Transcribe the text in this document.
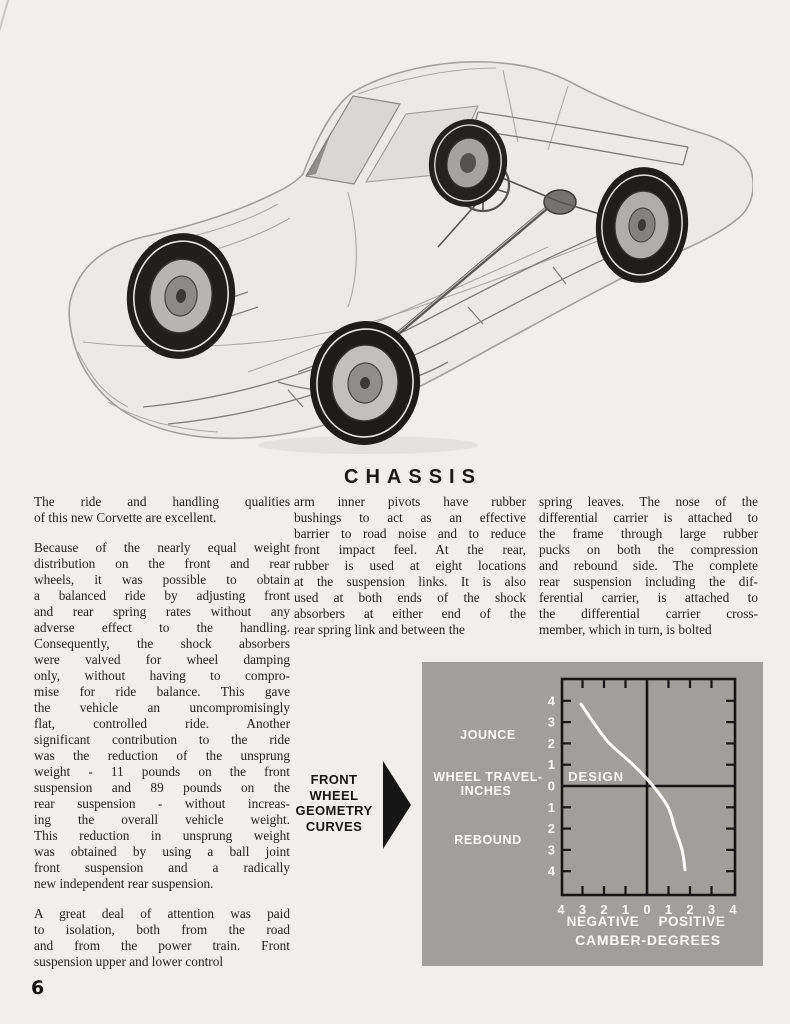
CHASSIS
The ride and handling qualities
of this new Corvette are excellent.
Because of the nearly equal weight
distribution on the front and rear
wheels, it was possible to obtain
a balanced ride by adjusting front
and rear spring rates without any
adverse effect to the handling.
Consequently, the shock absorbers
were valved for wheel damping
only, without having to compro-
mise for ride balance. This gave
the vehicle an uncompromisingly
flat, controlled ride. Another
significant contribution to the ride
was the reduction of the unsprung
weight - 11 pounds on the front
suspension and 89 pounds on the
rear suspension - without increas-
ing the overall vehicle weight.
This reduction in unsprung weight
was obtained by using a ball joint
front suspension and a radically
new independent rear suspension.
A great deal of attention was paid
to isolation, both from the road
and from the power train. Front
suspension upper and lower control
arm inner pivots have rubber
bushings to act as an effective
barrier to road noise and to reduce
front impact feel. At the rear,
rubber is used at eight locations
at the suspension links. It is also
used at both ends of the shock
absorbers at either end of the
rear spring link and between the
spring leaves. The nose of the
differential carrier is attached to
the frame through large rubber
pucks on both the compression
and rebound side. The complete
rear suspension including the dif-
ferential carrier, is attached to
the differential carrier cross-
member, which in turn, is bolted
FRONT
WHEEL
GEOMETRY
CURVES
4
3
2
1
0
1
2
3
4
4 3 2 1 0 1 2 3 4
JOUNCE
WHEEL TRAVEL-
INCHES
REBOUND
DESIGN
NEGATIVE POSITIVE
CAMBER-DEGREES
6
